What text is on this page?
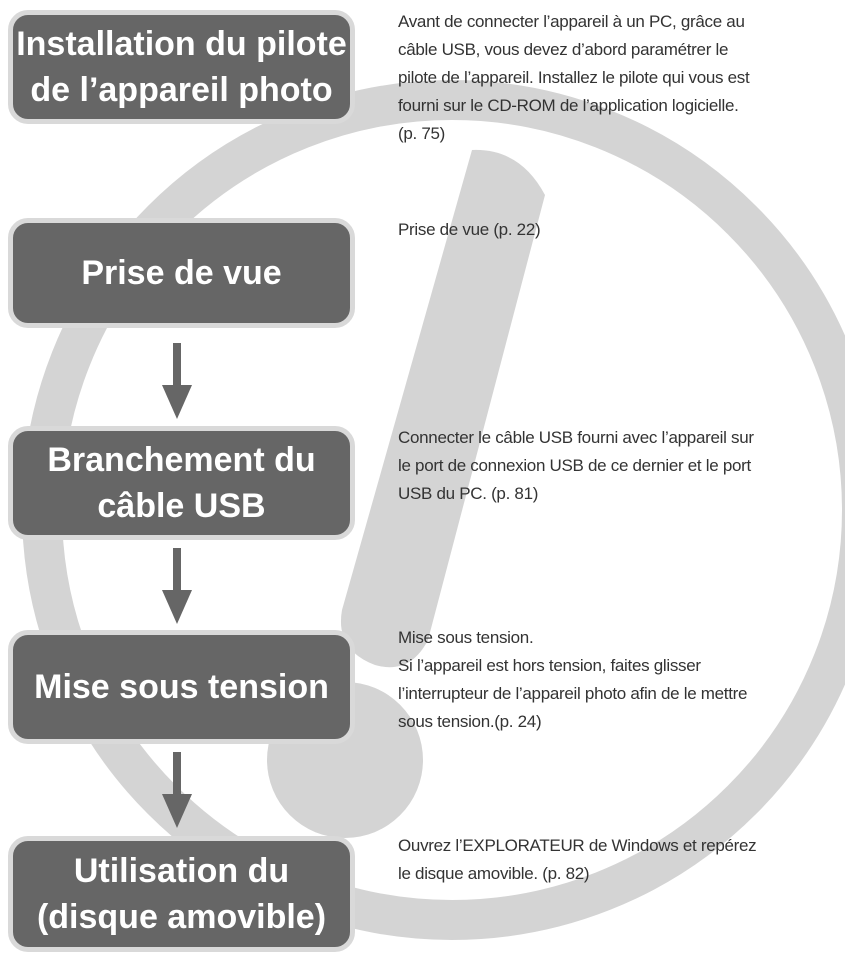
Installation du pilote
de l’appareil photo
Prise de vue
Branchement du
câble USB
Mise sous tension
Utilisation du
(disque amovible)
Avant de connecter l’appareil à un PC, grâce au
câble USB, vous devez d’abord paramétrer le
pilote de l’appareil. Installez le pilote qui vous est
fourni sur le CD-ROM de l’application logicielle.
(p. 75)
Prise de vue (p. 22)
Connecter le câble USB fourni avec l’appareil sur
le port de connexion USB de ce dernier et le port
USB du PC. (p. 81)
Mise sous tension.
Si l’appareil est hors tension, faites glisser
l’interrupteur de l’appareil photo afin de le mettre
sous tension.(p. 24)
Ouvrez l’EXPLORATEUR de Windows et repérez
le disque amovible. (p. 82)
